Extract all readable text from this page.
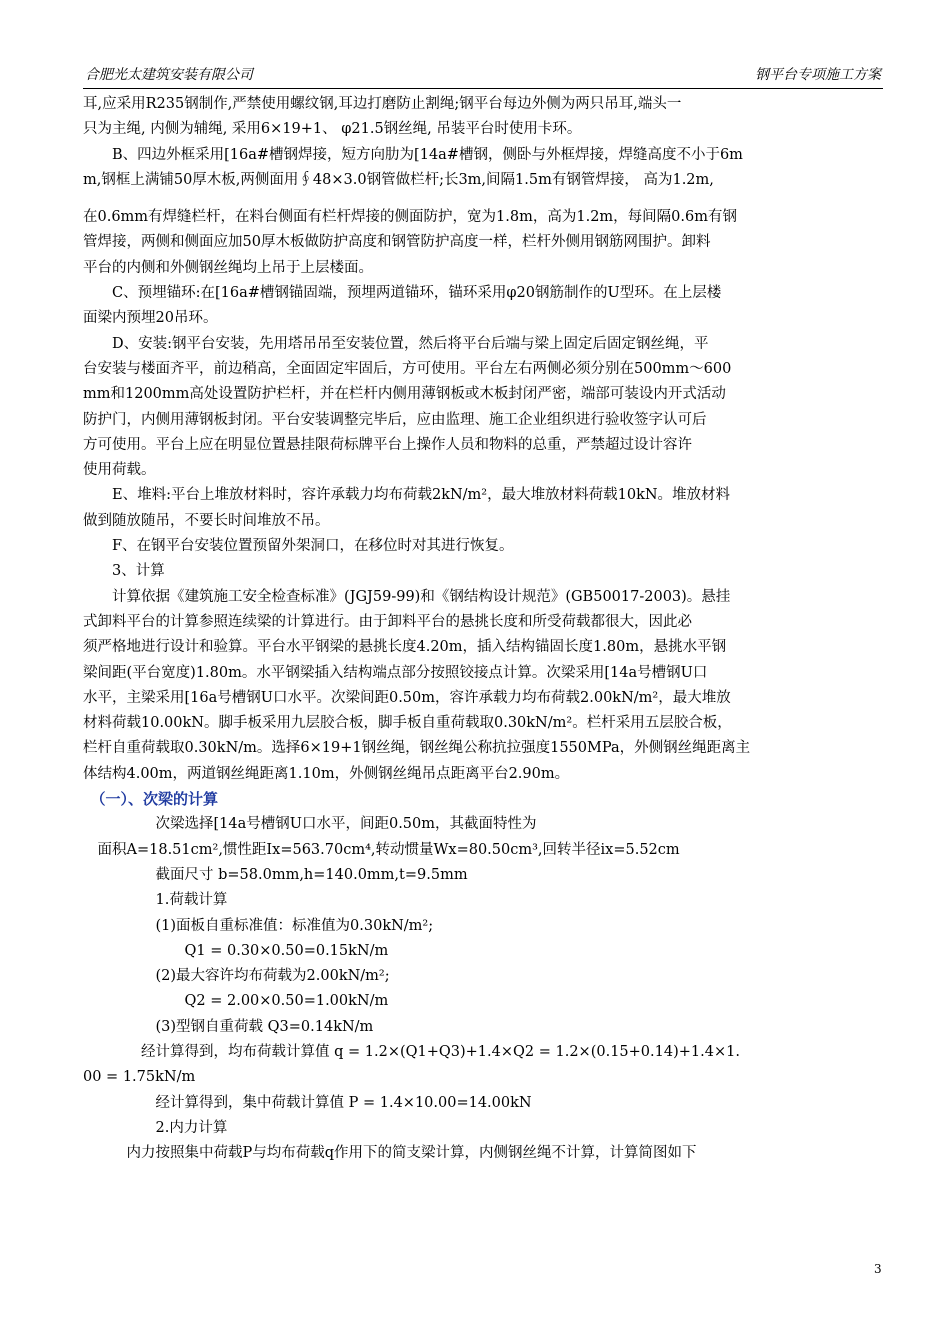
合肥光太建筑安装有限公司	钢平台专项施工方案

耳,应采用R235钢制作,严禁使用螺纹钢,耳边打磨防止割绳;钢平台每边外侧为两只吊耳,端头一

只为主绳, 内侧为辅绳, 采用6×19+1、 φ21.5钢丝绳, 吊装平台时使用卡环。

　　B、四边外框采用[16a#槽钢焊接，短方向肋为[14a#槽钢，侧卧与外框焊接，焊缝高度不小于6m

m,钢框上满铺50厚木板,两侧面用∮48×3.0钢管做栏杆;长3m,间隔1.5m有钢管焊接， 高为1.2m,

在0.6mm有焊缝栏杆，在料台侧面有栏杆焊接的侧面防护，宽为1.8m，高为1.2m，每间隔0.6m有钢

管焊接，两侧和侧面应加50厚木板做防护高度和钢管防护高度一样，栏杆外侧用钢筋网围护。卸料

平台的内侧和外侧钢丝绳均上吊于上层楼面。

　　C、预埋锚环:在[16a#槽钢锚固端，预埋两道锚环，锚环采用φ20钢筋制作的U型环。在上层楼

面梁内预埋20吊环。

　　D、安装:钢平台安装，先用塔吊吊至安装位置，然后将平台后端与梁上固定后固定钢丝绳，平

台安装与楼面齐平，前边稍高，全面固定牢固后，方可使用。平台左右两侧必须分别在500mm～600

mm和1200mm高处设置防护栏杆，并在栏杆内侧用薄钢板或木板封闭严密，端部可装设内开式活动

防护门，内侧用薄钢板封闭。平台安装调整完毕后，应由监理、施工企业组织进行验收签字认可后

方可使用。平台上应在明显位置悬挂限荷标牌平台上操作人员和物料的总重，严禁超过设计容许

使用荷载。

　　E、堆料:平台上堆放材料时，容许承载力均布荷载2kN/m²，最大堆放材料荷载10kN。堆放材料

做到随放随吊，不要长时间堆放不吊。

　　F、在钢平台安装位置预留外架洞口，在移位时对其进行恢复。

　　3、计算

　　计算依据《建筑施工安全检查标准》(JGJ59-99)和《钢结构设计规范》(GB50017-2003)。悬挂

式卸料平台的计算参照连续梁的计算进行。由于卸料平台的悬挑长度和所受荷载都很大，因此必

须严格地进行设计和验算。平台水平钢梁的悬挑长度4.20m，插入结构锚固长度1.80m，悬挑水平钢

梁间距(平台宽度)1.80m。水平钢梁插入结构端点部分按照铰接点计算。次梁采用[14a号槽钢U口

水平，主梁采用[16a号槽钢U口水平。次梁间距0.50m，容许承载力均布荷载2.00kN/m²，最大堆放

材料荷载10.00kN。脚手板采用九层胶合板，脚手板自重荷载取0.30kN/m²。栏杆采用五层胶合板，

栏杆自重荷载取0.30kN/m。选择6×19+1钢丝绳，钢丝绳公称抗拉强度1550MPa，外侧钢丝绳距离主

体结构4.00m，两道钢丝绳距离1.10m，外侧钢丝绳吊点距离平台2.90m。

　（一）、次梁的计算

　　　　　次梁选择[14a号槽钢U口水平，间距0.50m，其截面特性为

　面积A=18.51cm²,惯性距Ix=563.70cm⁴,转动惯量Wx=80.50cm³,回转半径ix=5.52cm

　　　　　截面尺寸 b=58.0mm,h=140.0mm,t=9.5mm

　　　　　1.荷载计算

　　　　　(1)面板自重标准值：标准值为0.30kN/m²;

　　　　　　　Q1 = 0.30×0.50=0.15kN/m

　　　　　(2)最大容许均布荷载为2.00kN/m²;

　　　　　　　Q2 = 2.00×0.50=1.00kN/m

　　　　　(3)型钢自重荷载 Q3=0.14kN/m

　　　　经计算得到，均布荷载计算值 q = 1.2×(Q1+Q3)+1.4×Q2 = 1.2×(0.15+0.14)+1.4×1.

00 = 1.75kN/m

　　　　　经计算得到，集中荷载计算值 P = 1.4×10.00=14.00kN

　　　　　2.内力计算

　　　内力按照集中荷载P与均布荷载q作用下的简支梁计算，内侧钢丝绳不计算，计算简图如下

3
